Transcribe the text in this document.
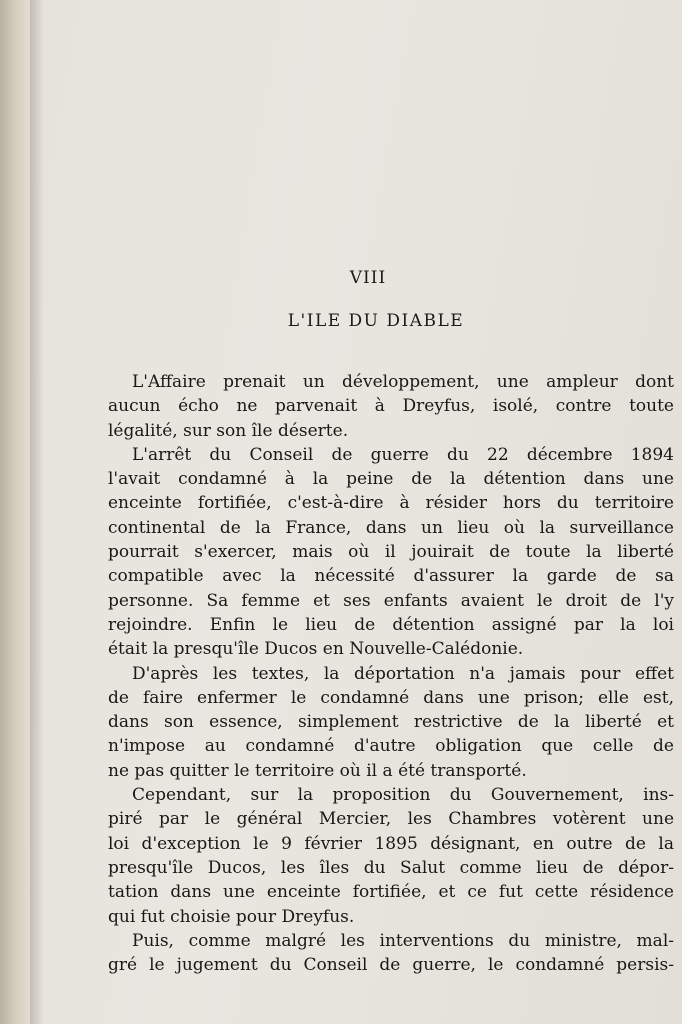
VIII
L'ILE DU DIABLE
L'Affaire prenait un développement, une ampleur dont
aucun écho ne parvenait à Dreyfus, isolé, contre toute
légalité, sur son île déserte.
L'arrêt du Conseil de guerre du 22 décembre 1894
l'avait condamné à la peine de la détention dans une
enceinte fortifiée, c'est-à-dire à résider hors du territoire
continental de la France, dans un lieu où la surveillance
pourrait s'exercer, mais où il jouirait de toute la liberté
compatible avec la nécessité d'assurer la garde de sa
personne. Sa femme et ses enfants avaient le droit de l'y
rejoindre. Enfin le lieu de détention assigné par la loi
était la presqu'île Ducos en Nouvelle-Calédonie.
D'après les textes, la déportation n'a jamais pour effet
de faire enfermer le condamné dans une prison; elle est,
dans son essence, simplement restrictive de la liberté et
n'impose au condamné d'autre obligation que celle de
ne pas quitter le territoire où il a été transporté.
Cependant, sur la proposition du Gouvernement, ins-
piré par le général Mercier, les Chambres votèrent une
loi d'exception le 9 février 1895 désignant, en outre de la
presqu'île Ducos, les îles du Salut comme lieu de dépor-
tation dans une enceinte fortifiée, et ce fut cette résidence
qui fut choisie pour Dreyfus.
Puis, comme malgré les interventions du ministre, mal-
gré le jugement du Conseil de guerre, le condamné persis-
